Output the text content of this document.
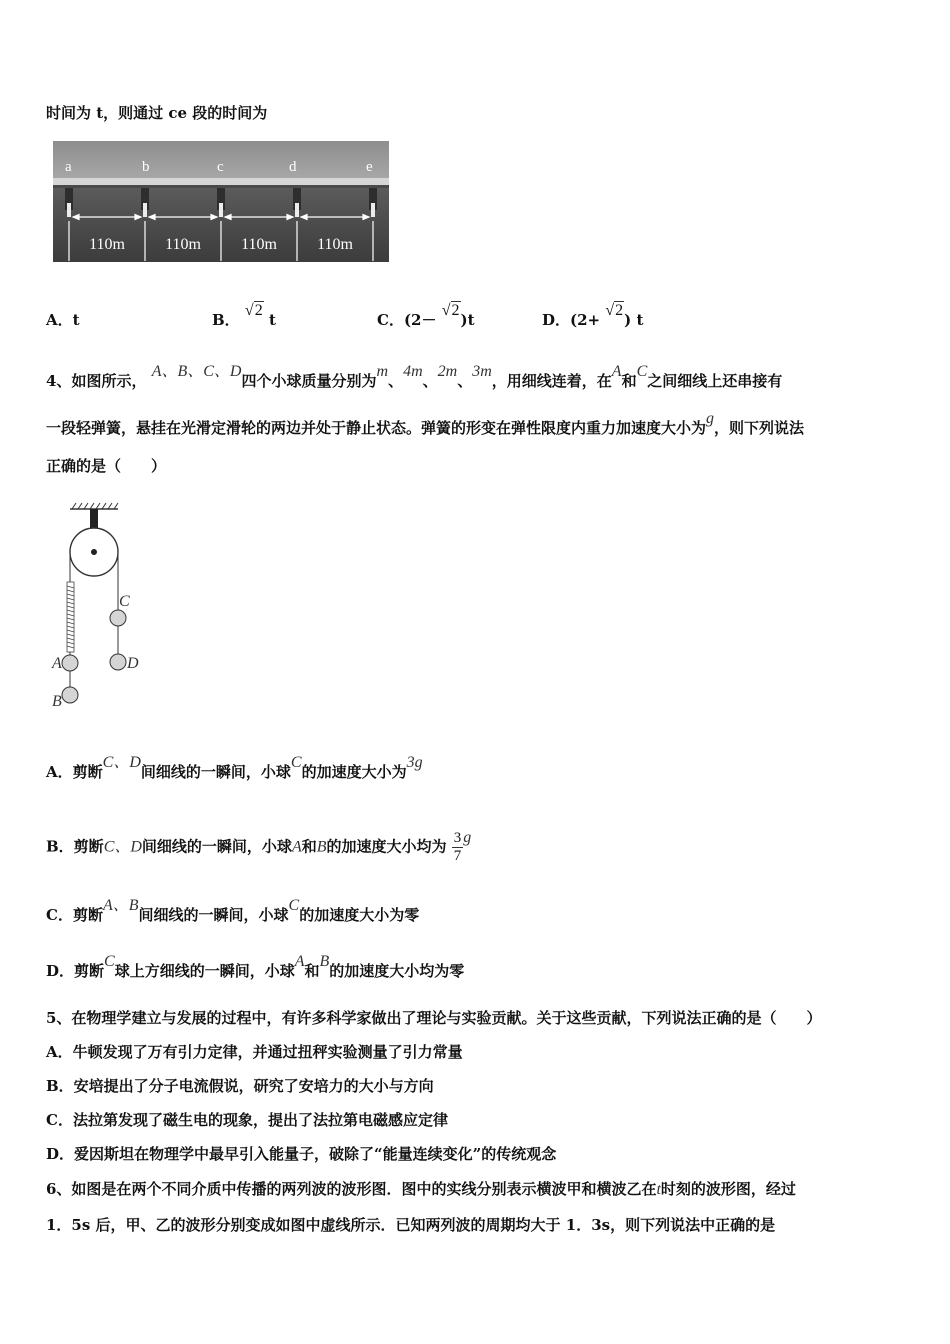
时间为 t，则通过 ce 段的时间为
a	b	c	d	e
110m	110m	110m	110m
A．t	B． √2 t	C．(2－ √2)t	D．(2+ √2) t
4、如图所示， A、B、C、D四个小球质量分别为m、4m、2m、3m，用细线连着，在A和C之间细线上还串接有
一段轻弹簧，悬挂在光滑定滑轮的两边并处于静止状态。弹簧的形变在弹性限度内重力加速度大小为g，则下列说法
正确的是（　　）
C
A	D
B
A．剪断C、D间细线的一瞬间，小球C的加速度大小为3g
B．剪断C、D间细线的一瞬间，小球A和B的加速度大小均为 $\frac{3}{7}$ g
C．剪断A、B间细线的一瞬间，小球C的加速度大小为零
D．剪断C球上方细线的一瞬间，小球A和B的加速度大小均为零
5、在物理学建立与发展的过程中，有许多科学家做出了理论与实验贡献。关于这些贡献，下列说法正确的是（　　）
A．牛顿发现了万有引力定律，并通过扭秤实验测量了引力常量
B．安培提出了分子电流假说，研究了安培力的大小与方向
C．法拉第发现了磁生电的现象，提出了法拉第电磁感应定律
D．爱因斯坦在物理学中最早引入能量子，破除了“能量连续变化”的传统观念
6、如图是在两个不同介质中传播的两列波的波形图．图中的实线分别表示横波甲和横波乙在t时刻的波形图，经过
1．5s 后，甲、乙的波形分别变成如图中虚线所示．已知两列波的周期均大于 1．3s，则下列说法中正确的是
